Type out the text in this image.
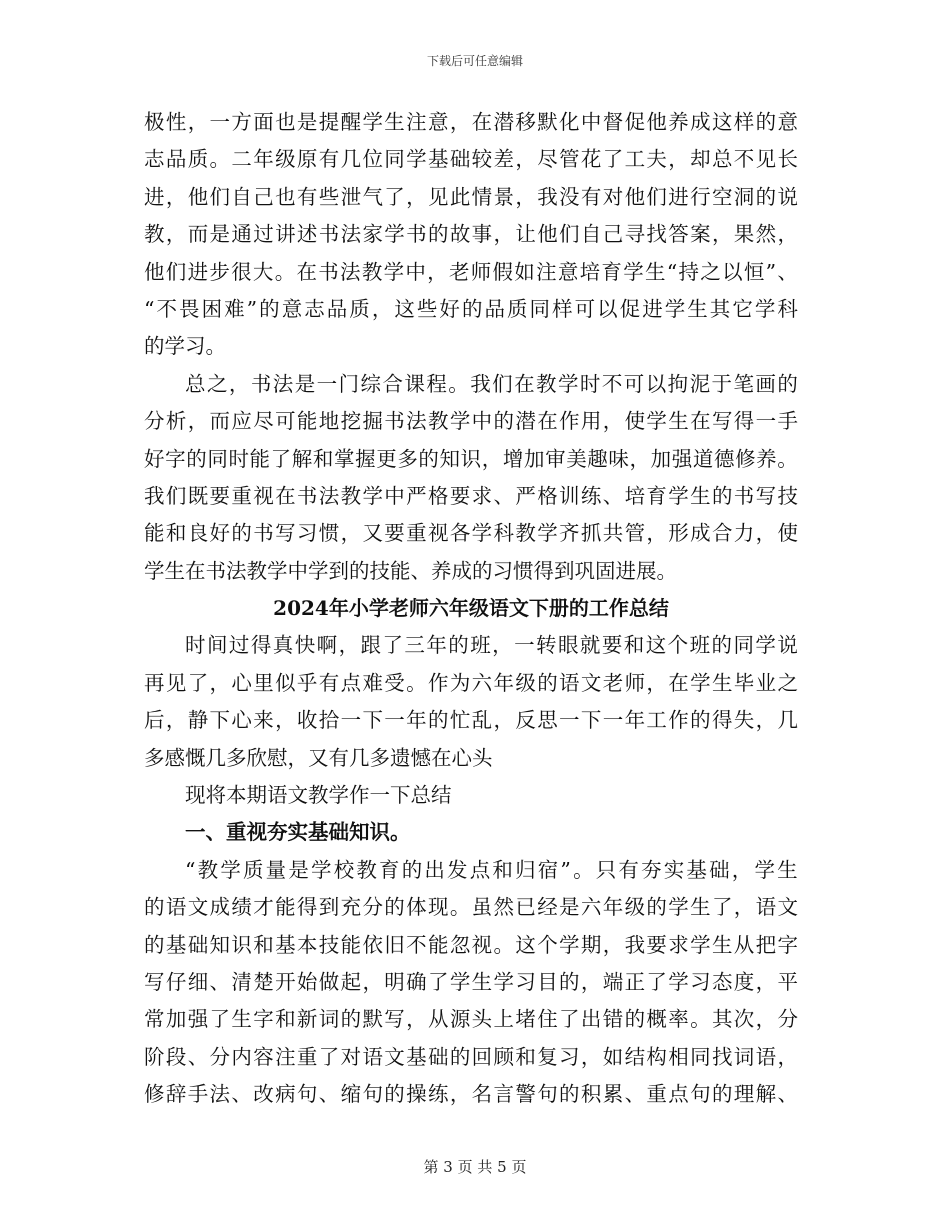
下载后可任意编辑
极 性 ， 一 方 面 也 是 提 醒 学 生 注 意 ， 在 潜 移 默 化 中 督 促 他 养 成 这 样 的 意
志 品 质 。 二 年 级 原 有 几 位 同 学 基 础 较 差 ， 尽 管 花 了 工 夫 ， 却 总 不 见 长
进 ， 他 们 自 己 也 有 些 泄 气 了 ， 见 此 情 景 ， 我 没 有 对 他 们 进 行 空 洞 的 说
教 ， 而 是 通 过 讲 述 书 法 家 学 书 的 故 事 ， 让 他 们 自 己 寻 找 答 案 ， 果 然 ，
他 们 进 步 很 大 。 在 书 法 教 学 中 ， 老 师 假 如 注 意 培 育 学 生 “ 持 之 以 恒 ” 、
“ 不 畏 困 难 ” 的 意 志 品 质 ， 这 些 好 的 品 质 同 样 可 以 促 进 学 生 其 它 学 科
的 学 习 。
总 之 ， 书 法 是 一 门 综 合 课 程 。 我 们 在 教 学 时 不 可 以 拘 泥 于 笔 画 的
分 析 ， 而 应 尽 可 能 地 挖 掘 书 法 教 学 中 的 潜 在 作 用 ， 使 学 生 在 写 得 一 手
好 字 的 同 时 能 了 解 和 掌 握 更 多 的 知 识 ， 增 加 审 美 趣 味 ， 加 强 道 德 修 养 。
我 们 既 要 重 视 在 书 法 教 学 中 严 格 要 求 、 严 格 训 练 、 培 育 学 生 的 书 写 技
能 和 良 好 的 书 写 习 惯 ， 又 要 重 视 各 学 科 教 学 齐 抓 共 管 ， 形 成 合 力 ， 使
学 生 在 书 法 教 学 中 学 到 的 技 能 、 养 成 的 习 惯 得 到 巩 固 进 展 。
2024年小学老师六年级语文下册的工作总结
时 间 过 得 真 快 啊 ， 跟 了 三 年 的 班 ， 一 转 眼 就 要 和 这 个 班 的 同 学 说
再 见 了 ， 心 里 似 乎 有 点 难 受 。 作 为 六 年 级 的 语 文 老 师 ， 在 学 生 毕 业 之
后 ， 静 下 心 来 ， 收 拾 一 下 一 年 的 忙 乱 ， 反 思 一 下 一 年 工 作 的 得 失 ， 几
多 感 慨 几 多 欣 慰 ， 又 有 几 多 遗 憾 在 心 头
现 将 本 期 语 文 教 学 作 一 下 总 结
一 、 重 视 夯 实 基 础 知 识 。
“ 教 学 质 量 是 学 校 教 育 的 出 发 点 和 归 宿 ” 。 只 有 夯 实 基 础 ， 学 生
的 语 文 成 绩 才 能 得 到 充 分 的 体 现 。 虽 然 已 经 是 六 年 级 的 学 生 了 ， 语 文
的 基 础 知 识 和 基 本 技 能 依 旧 不 能 忽 视 。 这 个 学 期 ， 我 要 求 学 生 从 把 字
写 仔 细 、 清 楚 开 始 做 起 ， 明 确 了 学 生 学 习 目 的 ， 端 正 了 学 习 态 度 ， 平
常 加 强 了 生 字 和 新 词 的 默 写 ， 从 源 头 上 堵 住 了 出 错 的 概 率 。 其 次 ， 分
阶 段 、 分 内 容 注 重 了 对 语 文 基 础 的 回 顾 和 复 习 ， 如 结 构 相 同 找 词 语 ，
修 辞 手 法 、 改 病 句 、 缩 句 的 操 练 ， 名 言 警 句 的 积 累 、 重 点 句 的 理 解 、
第 3 页 共 5 页
